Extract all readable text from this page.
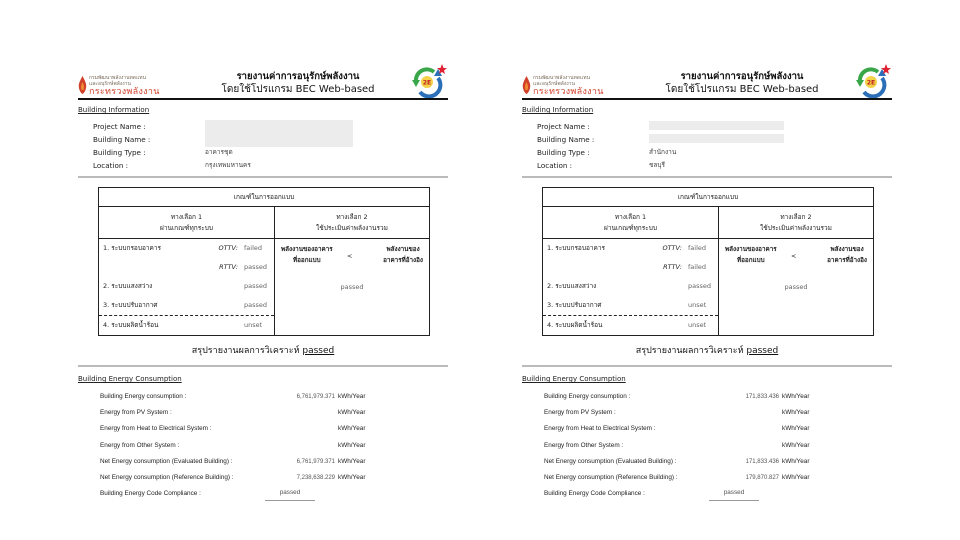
กรมพัฒนาพลังงานทดแทน
และอนุรักษ์พลังงาน
กระทรวงพลังงาน
รายงานค่าการอนุรักษ์พลังงาน
โดยใช้โปรแกรม BEC Web-based
2E
Building Information
Project Name :
Building Name :
Building Type :	อาคารชุด
Location :	กรุงเทพมหานคร
เกณฑ์ในการออกแบบ
ทางเลือก 1
ผ่านเกณฑ์ทุกระบบ
ทางเลือก 2
ใช้ประเมินค่าพลังงานรวม
1. ระบบกรอบอาคาร	OTTV: failed
RTTV: passed
2. ระบบแสงสว่าง	passed
3. ระบบปรับอากาศ	passed
4. ระบบผลิตน้ำร้อน	unset
พลังงานของอาคาร
ที่ออกแบบ
<
พลังงานของ
อาคารที่อ้างอิง
passed
สรุปรายงานผลการวิเคราะห์ passed
Building Energy Consumption
Building Energy consumption :	6,761,979.371 kWh/Year
Energy from PV System :	kWh/Year
Energy from Heat to Electrical System :	kWh/Year
Energy from Other System :	kWh/Year
Net Energy consumption (Evaluated Building) :	6,761,979.371 kWh/Year
Net Energy consumption (Reference Building) :	7,238,638.229 kWh/Year
Building Energy Code Compliance :	passed
กรมพัฒนาพลังงานทดแทน
และอนุรักษ์พลังงาน
กระทรวงพลังงาน
รายงานค่าการอนุรักษ์พลังงาน
โดยใช้โปรแกรม BEC Web-based
2E
Building Information
Project Name :
Building Name :
Building Type :	สำนักงาน
Location :	ชลบุรี
เกณฑ์ในการออกแบบ
ทางเลือก 1
ผ่านเกณฑ์ทุกระบบ
ทางเลือก 2
ใช้ประเมินค่าพลังงานรวม
1. ระบบกรอบอาคาร	OTTV: failed
RTTV: failed
2. ระบบแสงสว่าง	passed
3. ระบบปรับอากาศ	unset
4. ระบบผลิตน้ำร้อน	unset
พลังงานของอาคาร
ที่ออกแบบ
<
พลังงานของ
อาคารที่อ้างอิง
passed
สรุปรายงานผลการวิเคราะห์ passed
Building Energy Consumption
Building Energy consumption :	171,833.436 kWh/Year
Energy from PV System :	kWh/Year
Energy from Heat to Electrical System :	kWh/Year
Energy from Other System :	kWh/Year
Net Energy consumption (Evaluated Building) :	171,833.436 kWh/Year
Net Energy consumption (Reference Building) :	179,870.827 kWh/Year
Building Energy Code Compliance :	passed
